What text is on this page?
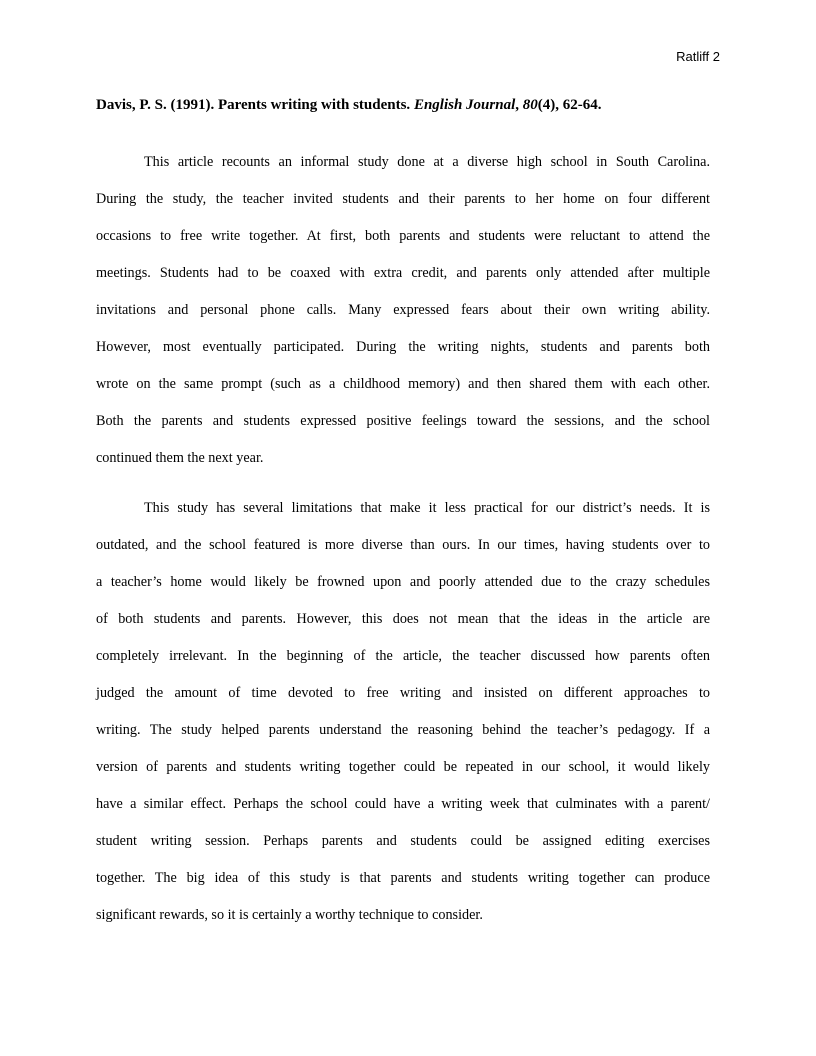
Ratliff 2
Davis, P. S. (1991). Parents writing with students. English Journal, 80(4), 62-64.
This article recounts an informal study done at a diverse high school in South Carolina.
During the study, the teacher invited students and their parents to her home on four different
occasions to free write together. At first, both parents and students were reluctant to attend the
meetings. Students had to be coaxed with extra credit, and parents only attended after multiple
invitations and personal phone calls. Many expressed fears about their own writing ability.
However, most eventually participated. During the writing nights, students and parents both
wrote on the same prompt (such as a childhood memory) and then shared them with each other.
Both the parents and students expressed positive feelings toward the sessions, and the school
continued them the next year.
This study has several limitations that make it less practical for our district’s needs. It is
outdated, and the school featured is more diverse than ours. In our times, having students over to
a teacher’s home would likely be frowned upon and poorly attended due to the crazy schedules
of both students and parents. However, this does not mean that the ideas in the article are
completely irrelevant. In the beginning of the article, the teacher discussed how parents often
judged the amount of time devoted to free writing and insisted on different approaches to
writing. The study helped parents understand the reasoning behind the teacher’s pedagogy. If a
version of parents and students writing together could be repeated in our school, it would likely
have a similar effect. Perhaps the school could have a writing week that culminates with a parent/
student writing session. Perhaps parents and students could be assigned editing exercises
together. The big idea of this study is that parents and students writing together can produce
significant rewards, so it is certainly a worthy technique to consider.
